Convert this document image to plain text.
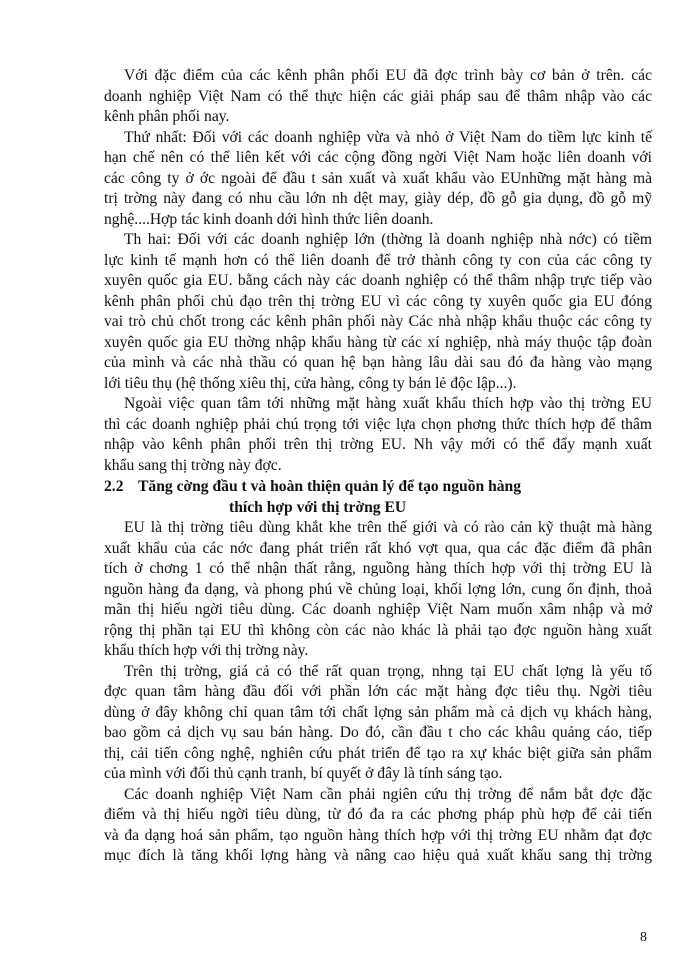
Với đặc điểm của các kênh phân phối EU đã đợc trình bày cơ bản ở trên. các
doanh nghiệp Việt Nam có thể thực hiện các giải pháp sau để thâm nhập vào các
kênh phân phối nay.

Thứ nhất: Đối với các doanh nghiệp vừa và nhỏ ở Việt Nam do tiềm lực kinh tế
hạn chế nên có thể liên kết với các cộng đồng ngời Việt Nam hoặc liên doanh với
các công ty ở ớc ngoài để đầu t sản xuất và xuất khẩu vào EUnhững mặt hàng mà
trị trờng này đang có nhu cầu lớn nh dệt may, giày dép, đồ gỗ gia dụng, đồ gỗ mỹ
nghệ....Hợp tác kinh doanh dới hình thức liên doanh.

Th hai: Đối với các doanh nghiệp lớn (thờng là doanh nghiệp nhà nớc) có tiềm
lực kinh tế mạnh hơn có thể liên doanh để trở thành công ty con của các công ty
xuyên quốc gia EU. bằng cách này các doanh nghiệp có thể thâm nhập trực tiếp vào
kênh phân phối chủ đạo trên thị trờng EU vì các công ty xuyên quốc gia EU đóng
vai trò chủ chốt trong các kênh phân phối này Các nhà nhập khẩu thuộc các công ty
xuyên quốc gia EU thờng nhập khẩu hàng từ các xí nghiệp, nhà máy thuộc tập đoàn
của mình và các nhà thầu có quan hệ bạn hàng lâu dài sau đó đa hàng vào mạng
lới tiêu thụ (hệ thống xiêu thị, cửa hàng, công ty bán lẻ độc lập...).

Ngoài việc quan tâm tới những mặt hàng xuất khẩu thích hợp vào thị trờng EU
thì các doanh nghiệp phải chú trọng tới việc lựa chọn phơng thức thích hợp để thâm
nhập vào kênh phân phối trên thị trờng EU. Nh vậy mới có thể đẩy mạnh xuất
khẩu sang thị trờng này đợc.

2.2 Tăng cờng đầu t và hoàn thiện quản lý để tạo nguồn hàng
thích hợp với thị trờng EU

EU là thị trờng tiêu dùng khắt khe trên thế giới và có rào cản kỹ thuật mà hàng
xuất khẩu của các nớc đang phát triển rất khó vợt qua, qua các đặc điểm đã phân
tích ở chơng 1 có thể nhận thất rằng, nguồng hàng thích hợp với thị trờng EU là
nguồn hàng đa dạng, và phong phú về chủng loại, khối lợng lớn, cung ổn định, thoả
mãn thị hiếu ngời tiêu dùng. Các doanh nghiệp Việt Nam muốn xâm nhập và mở
rộng thị phần tại EU thì không còn các nào khác là phải tạo đợc nguồn hàng xuất
khẩu thích hợp với thị trờng này.

Trên thị trờng, giá cả có thể rất quan trọng, nhng tại EU chất lợng là yếu tố
đợc quan tâm hàng đầu đối với phần lớn các mặt hàng đợc tiêu thụ. Ngời tiêu
dùng ở đây không chỉ quan tâm tới chất lợng sản phẩm mà cả dịch vụ khách hàng,
bao gồm cả dịch vụ sau bán hàng. Do đó, cần đầu t cho các khâu quảng cáo, tiếp
thị, cải tiến công nghệ, nghiên cứu phát triển để tạo ra xự khác biệt giữa sản phẩm
của mình với đối thủ cạnh tranh, bí quyết ở đây là tính sáng tạo.

Các doanh nghiệp Việt Nam cần phải ngiên cứu thị trờng để nắm bắt đợc đặc
điểm và thị hiếu ngời tiêu dùng, từ đó đa ra các phơng pháp phù hợp để cải tiến
và đa dạng hoá sản phẩm, tạo nguồn hàng thích hợp với thị trờng EU nhằm đạt đợc
mục đích là tăng khối lợng hàng và nâng cao hiệu quả xuất khẩu sang thị trờng

8
